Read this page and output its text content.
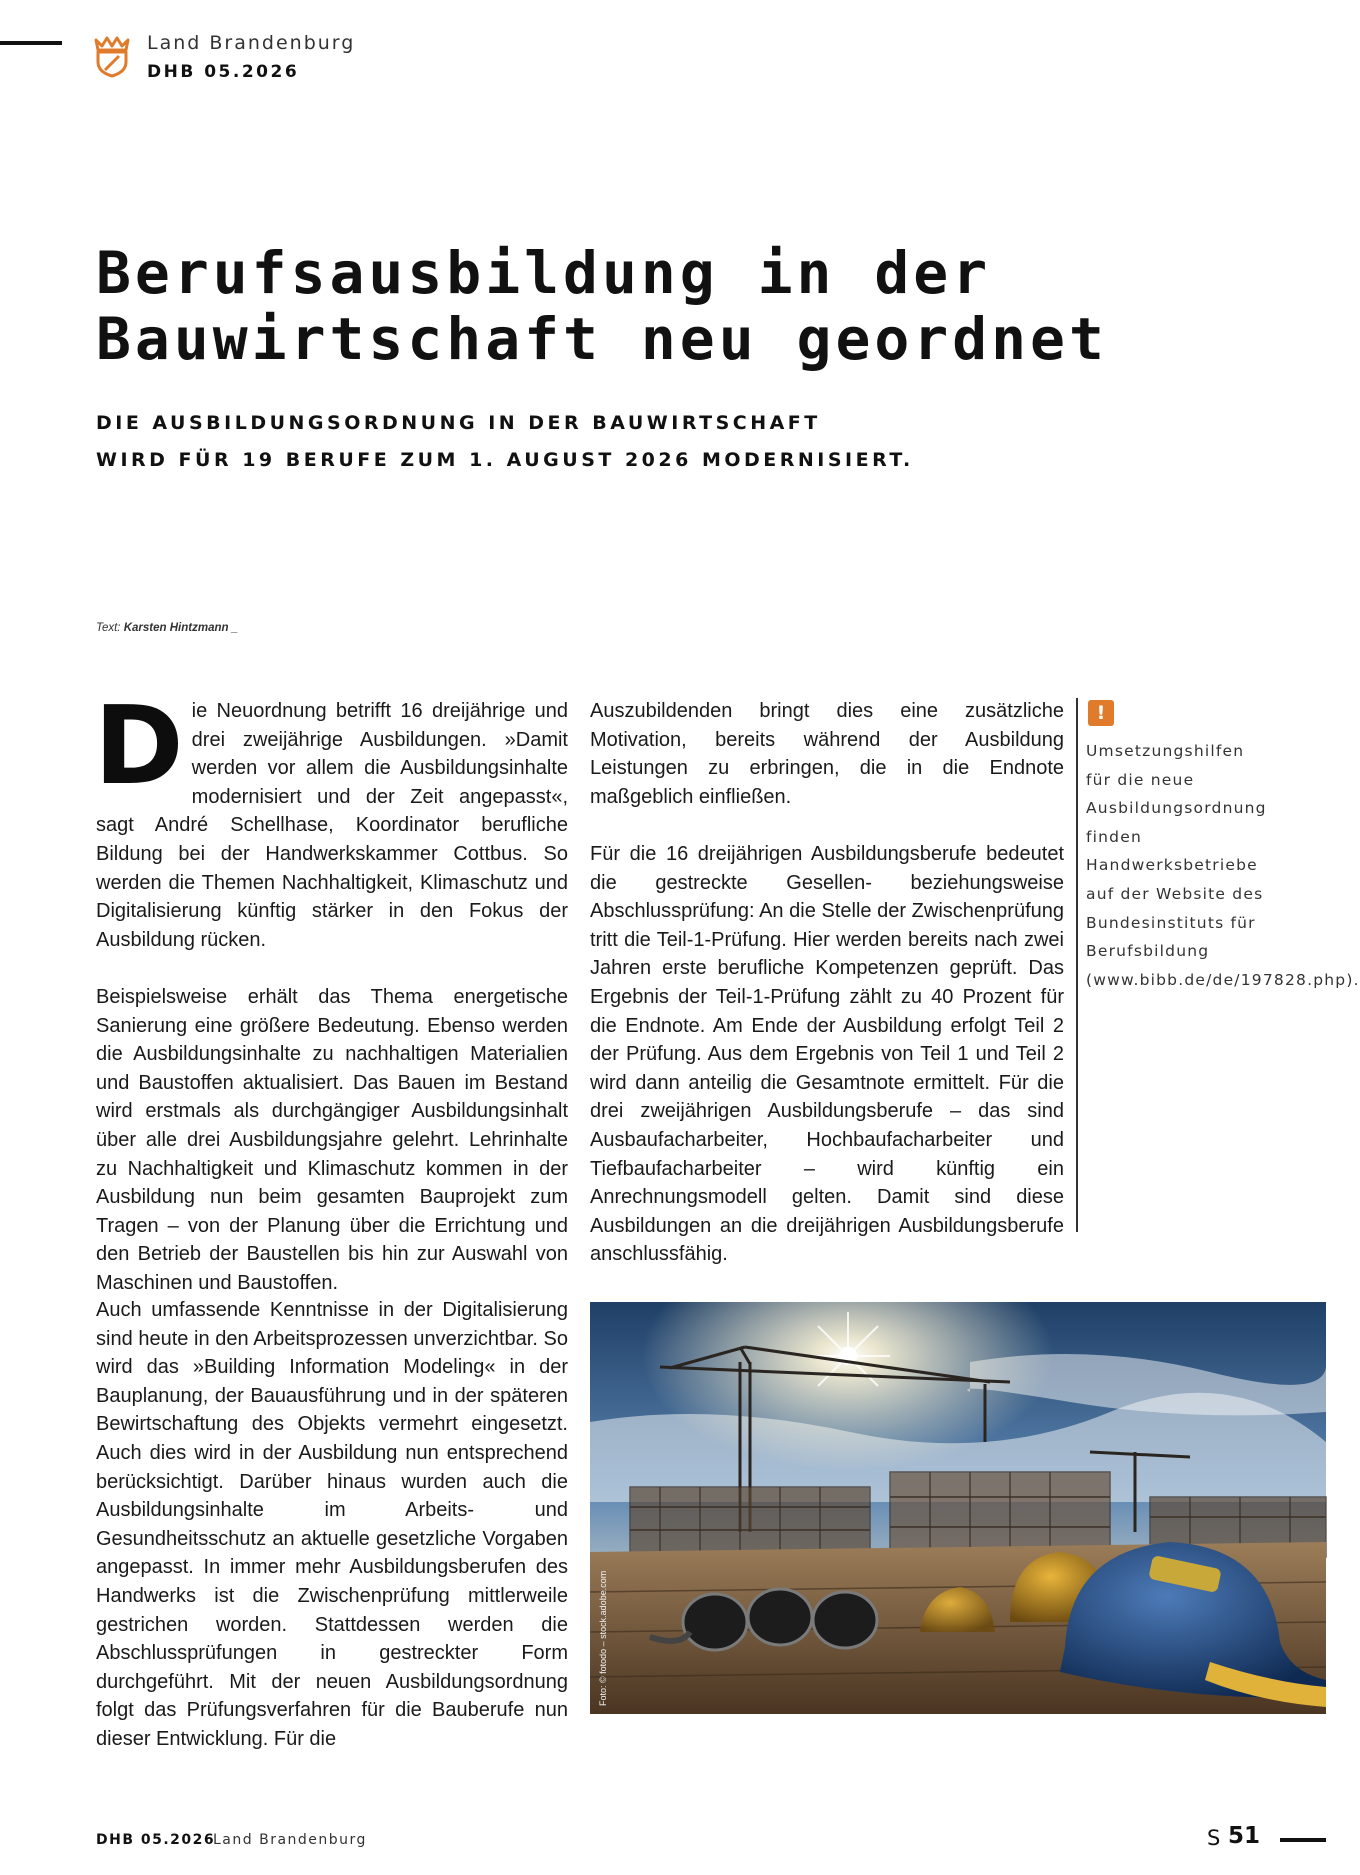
Land Brandenburg
DHB 05.2026
Berufsausbildung in der
Bauwirtschaft neu geordnet
DIE AUSBILDUNGSORDNUNG IN DER BAUWIRTSCHAFT
WIRD FÜR 19 BERUFE ZUM 1. AUGUST 2026 MODERNISIERT.
Text: Karsten Hintzmann _

Die Neuordnung betrifft 16 dreijährige und drei zweijährige Ausbildungen. »Damit werden vor allem die Ausbildungsinhalte modernisiert und der Zeit angepasst«, sagt André Schellhase, Koordinator berufliche Bildung bei der Handwerkskammer Cottbus. So werden die Themen Nachhaltigkeit, Klimaschutz und Digitalisierung künftig stärker in den Fokus der Ausbildung rücken.

Beispielsweise erhält das Thema energetische Sanierung eine größere Bedeutung. Ebenso werden die Ausbildungsinhalte zu nachhaltigen Materialien und Baustoffen aktualisiert. Das Bauen im Bestand wird erstmals als durchgängiger Ausbildungsinhalt über alle drei Ausbildungsjahre gelehrt. Lehrinhalte zu Nachhaltigkeit und Klimaschutz kommen in der Ausbildung nun beim gesamten Bauprojekt zum Tragen – von der Planung über die Errichtung und den Betrieb der Baustellen bis hin zur Auswahl von Maschinen und Baustoffen.

Auch umfassende Kenntnisse in der Digitalisierung sind heute in den Arbeitsprozessen unverzichtbar. So wird das »Building Information Modeling« in der Bauplanung, der Bauausführung und in der späteren Bewirtschaftung des Objekts vermehrt eingesetzt. Auch dies wird in der Ausbildung nun entsprechend berücksichtigt. Darüber hinaus wurden auch die Ausbildungsinhalte im Arbeits- und Gesundheitsschutz an aktuelle gesetzliche Vorgaben angepasst. In immer mehr Ausbildungsberufen des Handwerks ist die Zwischenprüfung mittlerweile gestrichen worden. Stattdessen werden die Abschlussprüfungen in gestreckter Form durchgeführt. Mit der neuen Ausbildungsordnung folgt das Prüfungsverfahren für die Bauberufe nun dieser Entwicklung. Für die

Auszubildenden bringt dies eine zusätzliche Motivation, bereits während der Ausbildung Leistungen zu erbringen, die in die Endnote maßgeblich einfließen.

Für die 16 dreijährigen Ausbildungsberufe bedeutet die gestreckte Gesellen- beziehungsweise Abschlussprüfung: An die Stelle der Zwischenprüfung tritt die Teil-1-Prüfung. Hier werden bereits nach zwei Jahren erste berufliche Kompetenzen geprüft. Das Ergebnis der Teil-1-Prüfung zählt zu 40 Prozent für die Endnote. Am Ende der Ausbildung erfolgt Teil 2 der Prüfung. Aus dem Ergebnis von Teil 1 und Teil 2 wird dann anteilig die Gesamtnote ermittelt. Für die drei zweijährigen Ausbildungsberufe – das sind Ausbaufacharbeiter, Hochbaufacharbeiter und Tiefbaufacharbeiter – wird künftig ein Anrechnungsmodell gelten. Damit sind diese Ausbildungen an die dreijährigen Ausbildungsberufe anschlussfähig.

!
Umsetzungshilfen für die neue Ausbildungsordnung finden Handwerksbetriebe auf der Website des Bundesinstituts für Berufsbildung (www.bibb.de/de/197828.php).
Foto: © fotodo – stock.adobe.com
DHB 05.2026
Land Brandenburg	S 51
